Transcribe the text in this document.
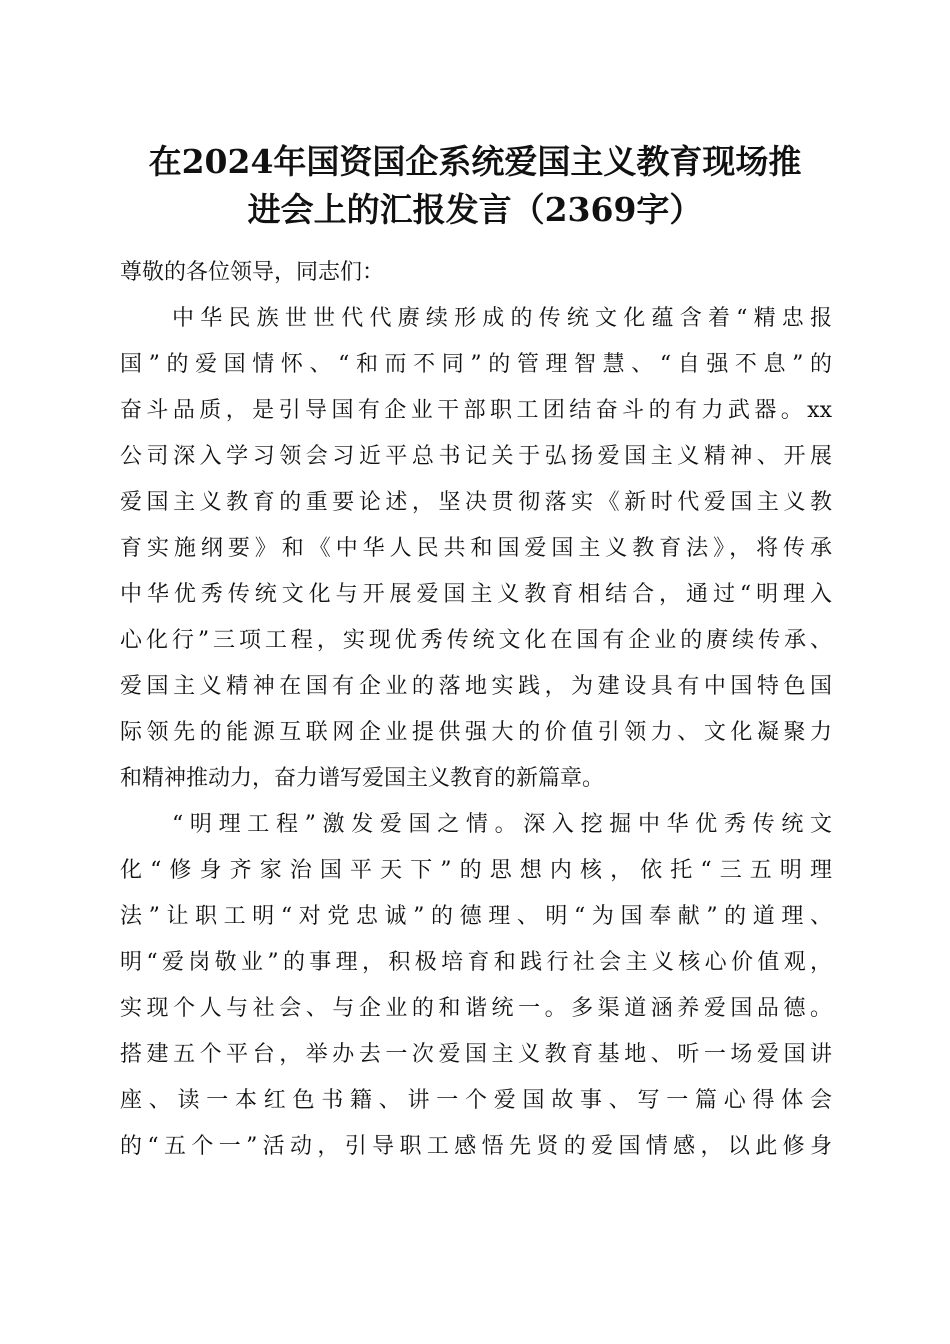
在2024年国资国企系统爱国主义教育现场推
进会上的汇报发言（2369字）
尊敬的各位领导，同志们：
中华民族世世代代赓续形成的传统文化蕴含着“精忠报
国”的爱国情怀、“和而不同”的管理智慧、“自强不息”的
奋斗品质，是引导国有企业干部职工团结奋斗的有力武器。xx
公司深入学习领会习近平总书记关于弘扬爱国主义精神、开展
爱国主义教育的重要论述，坚决贯彻落实《新时代爱国主义教
育实施纲要》和《中华人民共和国爱国主义教育法》，将传承
中华优秀传统文化与开展爱国主义教育相结合，通过“明理入
心化行”三项工程，实现优秀传统文化在国有企业的赓续传承、
爱国主义精神在国有企业的落地实践，为建设具有中国特色国
际领先的能源互联网企业提供强大的价值引领力、文化凝聚力
和精神推动力，奋力谱写爱国主义教育的新篇章。
“明理工程”激发爱国之情。深入挖掘中华优秀传统文
化“修身齐家治国平天下”的思想内核，依托“三五明理
法”让职工明“对党忠诚”的德理、明“为国奉献”的道理、
明“爱岗敬业”的事理，积极培育和践行社会主义核心价值观，
实现个人与社会、与企业的和谐统一。多渠道涵养爱国品德。
搭建五个平台，举办去一次爱国主义教育基地、听一场爱国讲
座、读一本红色书籍、讲一个爱国故事、写一篇心得体会
的“五个一”活动，引导职工感悟先贤的爱国情感，以此修身
